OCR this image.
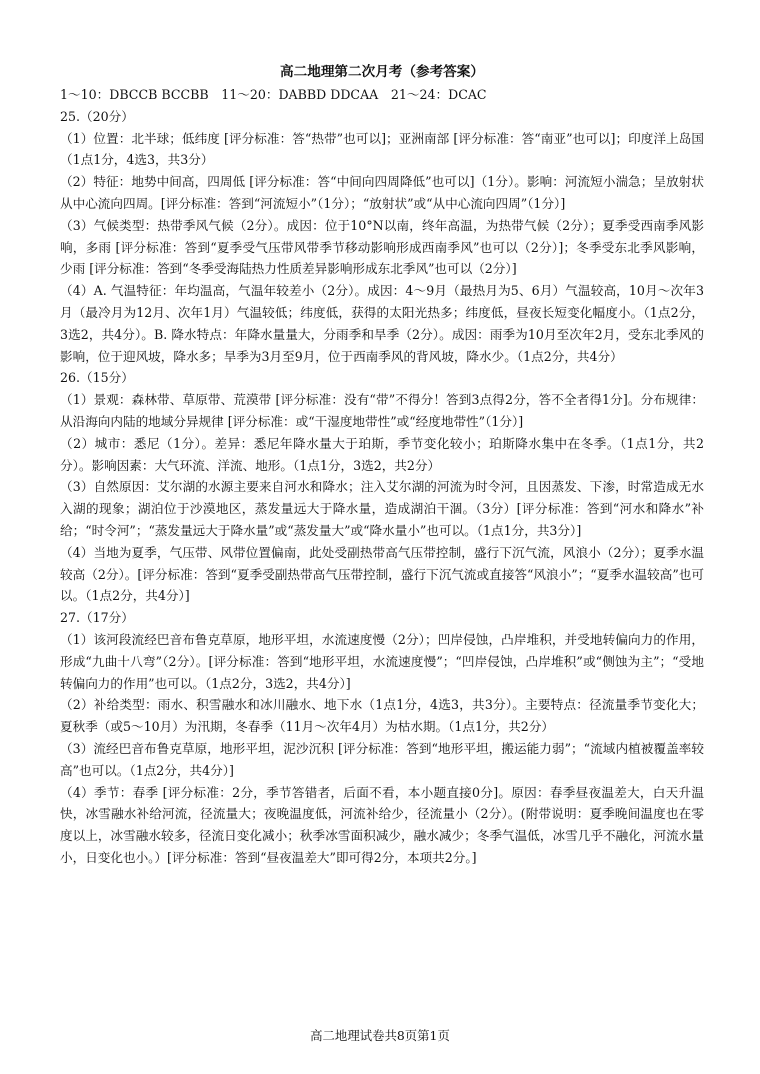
高二地理第二次月考（参考答案）

1～10：DBCCB BCCBB　11～20：DABBD DDCAA　21～24：DCAC

25.（20分）

（1）位置：北半球；低纬度 [评分标准：答“热带”也可以]；亚洲南部 [评分标准：答“南亚”也可以]；印度洋上岛国（1点1分，4选3，共3分）

（2）特征：地势中间高，四周低 [评分标准：答“中间向四周降低”也可以]（1分）。影响：河流短小湍急；呈放射状从中心流向四周。[评分标准：答到“河流短小”（1分）；“放射状”或“从中心流向四周”（1分）]

（3）气候类型：热带季风气候（2分）。成因：位于10°N以南，终年高温，为热带气候（2分）；夏季受西南季风影响，多雨 [评分标准：答到“夏季受气压带风带季节移动影响形成西南季风”也可以（2分）]；冬季受东北季风影响，少雨 [评分标准：答到“冬季受海陆热力性质差异影响形成东北季风”也可以（2分）]

（4）A. 气温特征：年均温高，气温年较差小（2分）。成因：4～9月（最热月为5、6月）气温较高，10月～次年3月（最冷月为12月、次年1月）气温较低；纬度低，获得的太阳光热多；纬度低，昼夜长短变化幅度小。（1点2分，3选2，共4分）。B. 降水特点：年降水量量大，分雨季和旱季（2分）。成因：雨季为10月至次年2月，受东北季风的影响，位于迎风坡，降水多；旱季为3月至9月，位于西南季风的背风坡，降水少。（1点2分，共4分）

26.（15分）

（1）景观：森林带、草原带、荒漠带 [评分标准：没有“带”不得分！答到3点得2分，答不全者得1分]。分布规律：从沿海向内陆的地域分异规律 [评分标准：或“干湿度地带性”或“经度地带性”（1分）]

（2）城市：悉尼（1分）。差异：悉尼年降水量大于珀斯，季节变化较小；珀斯降水集中在冬季。（1点1分，共2分）。影响因素：大气环流、洋流、地形。（1点1分，3选2，共2分）

（3）自然原因：艾尔湖的水源主要来自河水和降水；注入艾尔湖的河流为时令河，且因蒸发、下渗，时常造成无水入湖的现象；湖泊位于沙漠地区，蒸发量远大于降水量，造成湖泊干涸。（3分）[评分标准：答到“河水和降水”补给；“时令河”；“蒸发量远大于降水量”或“蒸发量大”或“降水量小”也可以。（1点1分，共3分）]

（4）当地为夏季，气压带、风带位置偏南，此处受副热带高气压带控制，盛行下沉气流，风浪小（2分）；夏季水温较高（2分）。[评分标准：答到“夏季受副热带高气压带控制，盛行下沉气流或直接答“风浪小”；“夏季水温较高”也可以。（1点2分，共4分）]

27.（17分）

（1）该河段流经巴音布鲁克草原，地形平坦，水流速度慢（2分）；凹岸侵蚀，凸岸堆积，并受地转偏向力的作用，形成“九曲十八弯”（2分）。[评分标准：答到“地形平坦，水流速度慢”；“凹岸侵蚀，凸岸堆积”或“侧蚀为主”；“受地转偏向力的作用”也可以。（1点2分，3选2，共4分）]

（2）补给类型：雨水、积雪融水和冰川融水、地下水（1点1分，4选3，共3分）。主要特点：径流量季节变化大；夏秋季（或5～10月）为汛期，冬春季（11月～次年4月）为枯水期。（1点1分，共2分）

（3）流经巴音布鲁克草原，地形平坦，泥沙沉积 [评分标准：答到“地形平坦，搬运能力弱”；“流域内植被覆盖率较高”也可以。（1点2分，共4分）]

（4）季节：春季 [评分标准：2分，季节答错者，后面不看，本小题直接0分]。原因：春季昼夜温差大，白天升温快，冰雪融水补给河流，径流量大；夜晚温度低，河流补给少，径流量小（2分）。(附带说明：夏季晚间温度也在零度以上，冰雪融水较多，径流日变化减小；秋季冰雪面积减少，融水减少；冬季气温低，冰雪几乎不融化，河流水量小，日变化也小。）[评分标准：答到“昼夜温差大”即可得2分，本项共2分。]

高二地理试卷共8页第1页
